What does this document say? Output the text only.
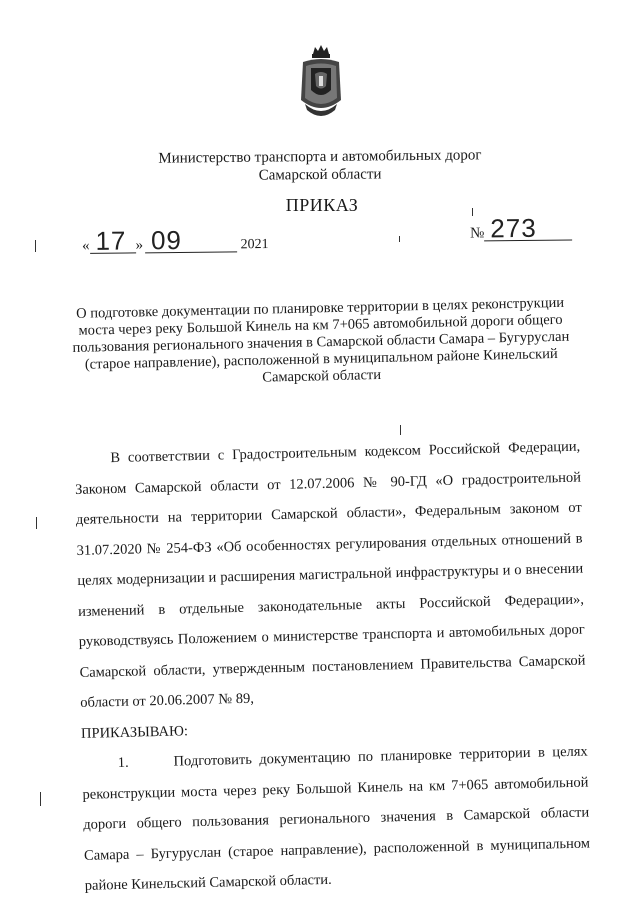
Министерство транспорта и автомобильных дорог
Самарской области
ПРИКАЗ
« 17 » 09	2021
№ 273
О подготовке документации по планировке территории в целях реконструкции моста через реку Большой Кинель на км 7+065 автомобильной дороги общего пользования регионального значения в Самарской области Самара – Бугуруслан (старое направление), расположенной в муниципальном районе Кинельский Самарской области

В соответствии с Градостроительным кодексом Российской Федерации, Законом Самарской области от 12.07.2006 № 90-ГД «О градостроительной деятельности на территории Самарской области», Федеральным законом от 31.07.2020 № 254-ФЗ «Об особенностях регулирования отдельных отношений в целях модернизации и расширения магистральной инфраструктуры и о внесении изменений в отдельные законодательные акты Российской Федерации», руководствуясь Положением о министерстве транспорта и автомобильных дорог Самарской области, утвержденным постановлением Правительства Самарской области от 20.06.2007 № 89,

ПРИКАЗЫВАЮ:

1.	Подготовить документацию по планировке территории в целях реконструкции моста через реку Большой Кинель на км 7+065 автомобильной дороги общего пользования регионального значения в Самарской области Самара – Бугуруслан (старое направление), расположенной в муниципальном районе Кинельский Самарской области.
